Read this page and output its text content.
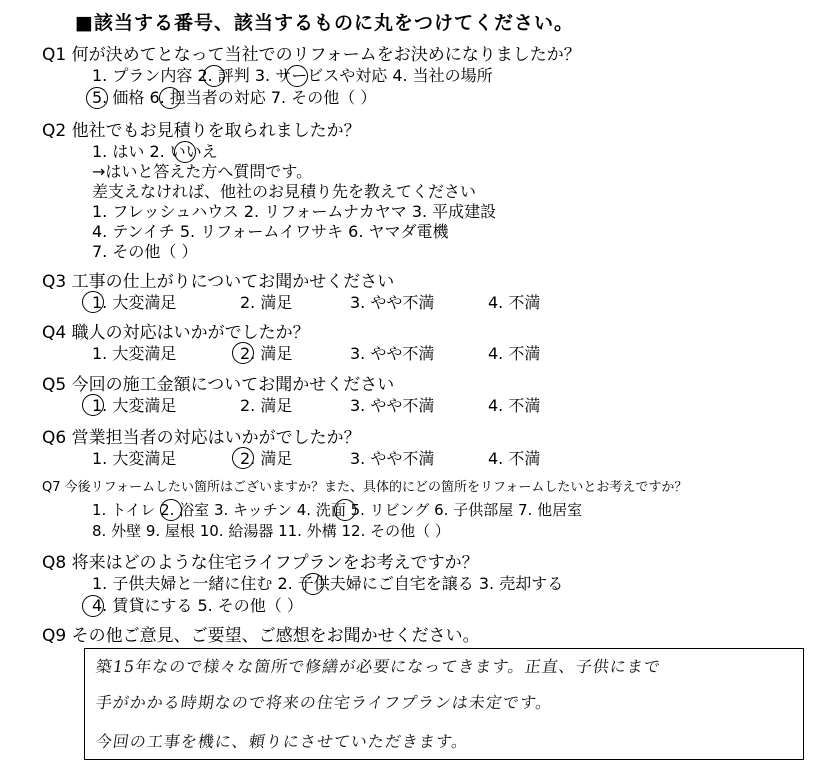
■該当する番号、該当するものに丸をつけてください。
Q1 何が決めてとなって当社でのリフォームをお決めになりましたか？
1. プラン内容 2. 評判 3. サービスや対応 4. 当社の場所
5. 価格 6. 担当者の対応 7. その他（ ）
Q2 他社でもお見積りを取られましたか？
1. はい 2. いいえ
→はいと答えた方へ質問です。
差支えなければ、他社のお見積り先を教えてください
1. フレッシュハウス 2. リフォームナカヤマ 3. 平成建設
4. テンイチ 5. リフォームイワサキ 6. ヤマダ電機
7. その他（ ）
Q3 工事の仕上がりについてお聞かせください
1. 大変満足	2. 満足	3. やや不満	4. 不満
Q4 職人の対応はいかがでしたか？
1. 大変満足	2. 満足	3. やや不満	4. 不満
Q5 今回の施工金額についてお聞かせください
1. 大変満足	2. 満足	3. やや不満	4. 不満
Q6 営業担当者の対応はいかがでしたか？
1. 大変満足	2. 満足	3. やや不満	4. 不満
Q7 今後リフォームしたい箇所はございますか？また、具体的にどの箇所をリフォームしたいとお考えですか？
1. トイレ 2. 浴室 3. キッチン 4. 洗面 5. リビング 6. 子供部屋 7. 他居室
8. 外壁 9. 屋根 10. 給湯器 11. 外構 12. その他（ ）
Q8 将来はどのような住宅ライフプランをお考えですか？
1. 子供夫婦と一緒に住む 2. 子供夫婦にご自宅を譲る 3. 売却する
4. 賃貸にする 5. その他（ ）
Q9 その他ご意見、ご要望、ご感想をお聞かせください。
築15年なので様々な箇所で修繕が必要になってきます。正直、子供にまで
手がかかる時期なので将来の住宅ライフプランは未定です。
今回の工事を機に、頼りにさせていただきます。
